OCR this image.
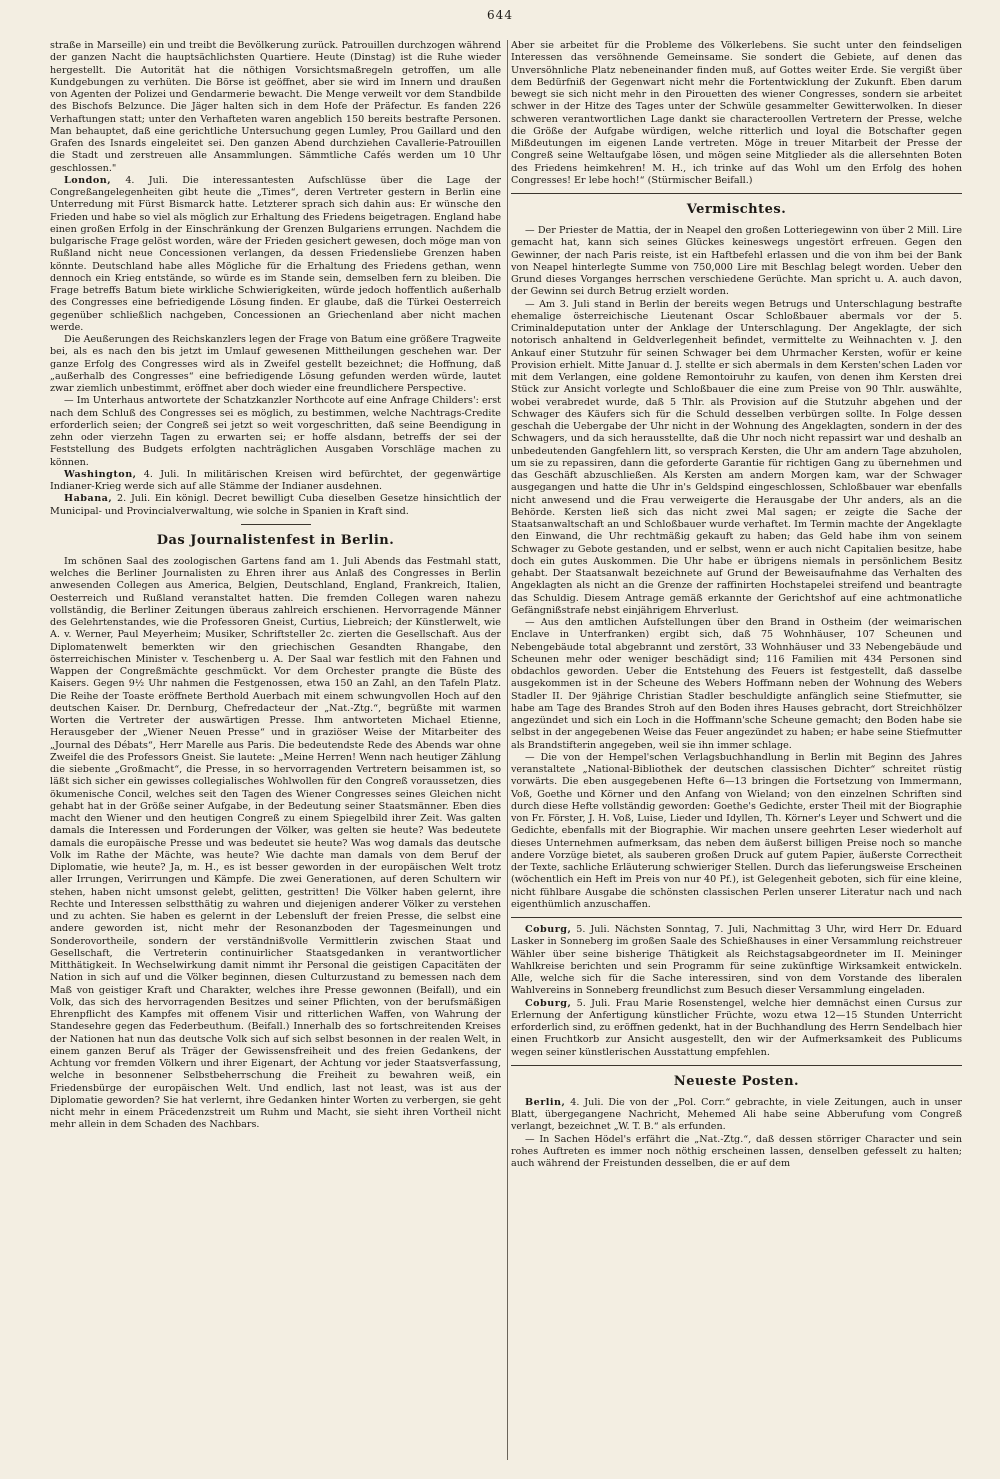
644

straße in Marseille) ein und treibt die Bevölkerung zurück. Patrouillen durchzogen während der ganzen Nacht die hauptsächlichsten Quartiere. Heute (Dinstag) ist die Ruhe wieder hergestellt. Die Autorität hat die nöthigen Vorsichtsmaßregeln getroffen, um alle Kundgebungen zu verhüten. Die Börse ist geöffnet, aber sie wird im Innern und draußen von Agenten der Polizei und Gendarmerie bewacht. Die Menge verweilt vor dem Standbilde des Bischofs Belzunce. Die Jäger halten sich in dem Hofe der Präfectur. Es fanden 226 Verhaftungen statt; unter den Verhafteten waren angeblich 150 bereits bestrafte Personen. Man behauptet, daß eine gerichtliche Untersuchung gegen Lumley, Prou Gaillard und den Grafen des Isnards eingeleitet sei. Den ganzen Abend durchziehen Cavallerie-Patrouillen die Stadt und zerstreuen alle Ansammlungen. Sämmtliche Cafés werden um 10 Uhr geschlossen."

London, 4. Juli. Die interessantesten Aufschlüsse über die Lage der Congreßangelegenheiten gibt heute die „Times“, deren Vertreter gestern in Berlin eine Unterredung mit Fürst Bismarck hatte. Letzterer sprach sich dahin aus: Er wünsche den Frieden und habe so viel als möglich zur Erhaltung des Friedens beigetragen. England habe einen großen Erfolg in der Einschränkung der Grenzen Bulgariens errungen. Nachdem die bulgarische Frage gelöst worden, wäre der Frieden gesichert gewesen, doch möge man von Rußland nicht neue Concessionen verlangen, da dessen Friedensliebe Grenzen haben könnte. Deutschland habe alles Mögliche für die Erhaltung des Friedens gethan, wenn dennoch ein Krieg entstände, so würde es im Stande sein, demselben fern zu bleiben. Die Frage betreffs Batum biete wirkliche Schwierigkeiten, würde jedoch hoffentlich außerhalb des Congresses eine befriedigende Lösung finden. Er glaube, daß die Türkei Oesterreich gegenüber schließlich nachgeben, Concessionen an Griechenland aber nicht machen werde.

Die Aeußerungen des Reichskanzlers legen der Frage von Batum eine größere Tragweite bei, als es nach den bis jetzt im Umlauf gewesenen Mittheilungen geschehen war. Der ganze Erfolg des Congresses wird als in Zweifel gestellt bezeichnet; die Hoffnung, daß „außerhalb des Congresses“ eine befriedigende Lösung gefunden werden würde, lautet zwar ziemlich unbestimmt, eröffnet aber doch wieder eine freundlichere Perspective.

— Im Unterhaus antwortete der Schatzkanzler Northcote auf eine Anfrage Childers': erst nach dem Schluß des Congresses sei es möglich, zu bestimmen, welche Nachtrags-Credite erforderlich seien; der Congreß sei jetzt so weit vorgeschritten, daß seine Beendigung in zehn oder vierzehn Tagen zu erwarten sei; er hoffe alsdann, betreffs der sei der Feststellung des Budgets erfolgten nachträglichen Ausgaben Vorschläge machen zu können.

Washington, 4. Juli. In militärischen Kreisen wird befürchtet, der gegenwärtige Indianer-Krieg werde sich auf alle Stämme der Indianer ausdehnen.

Habana, 2. Juli. Ein königl. Decret bewilligt Cuba dieselben Gesetze hinsichtlich der Municipal- und Provincialverwaltung, wie solche in Spanien in Kraft sind.

Das Journalistenfest in Berlin.

Im schönen Saal des zoologischen Gartens fand am 1. Juli Abends das Festmahl statt, welches die Berliner Journalisten zu Ehren ihrer aus Anlaß des Congresses in Berlin anwesenden Collegen aus America, Belgien, Deutschland, England, Frankreich, Italien, Oesterreich und Rußland veranstaltet hatten. Die fremden Collegen waren nahezu vollständig, die Berliner Zeitungen überaus zahlreich erschienen. Hervorragende Männer des Gelehrtenstandes, wie die Professoren Gneist, Curtius, Liebreich; der Künstlerwelt, wie A. v. Werner, Paul Meyerheim; Musiker, Schriftsteller 2c. zierten die Gesellschaft. Aus der Diplomatenwelt bemerkten wir den griechischen Gesandten Rhangabe, den österreichischen Minister v. Teschenberg u. A. Der Saal war festlich mit den Fahnen und Wappen der Congreßmächte geschmückt. Vor dem Orchester prangte die Büste des Kaisers. Gegen 9½ Uhr nahmen die Festgenossen, etwa 150 an Zahl, an den Tafeln Platz. Die Reihe der Toaste eröffnete Berthold Auerbach mit einem schwungvollen Hoch auf den deutschen Kaiser. Dr. Dernburg, Chefredacteur der „Nat.-Ztg.“, begrüßte mit warmen Worten die Vertreter der auswärtigen Presse. Ihm antworteten Michael Etienne, Herausgeber der „Wiener Neuen Presse“ und in graziöser Weise der Mitarbeiter des „Journal des Débats“, Herr Marelle aus Paris. Die bedeutendste Rede des Abends war ohne Zweifel die des Professors Gneist. Sie lautete: „Meine Herren! Wenn nach heutiger Zählung die siebente „Großmacht“, die Presse, in so hervorragenden Vertretern beisammen ist, so läßt sich sicher ein gewisses collegialisches Wohlwollen für den Congreß voraussetzen, dies ökumenische Concil, welches seit den Tagen des Wiener Congresses seines Gleichen nicht gehabt hat in der Größe seiner Aufgabe, in der Bedeutung seiner Staatsmänner. Eben dies macht den Wiener und den heutigen Congreß zu einem Spiegelbild ihrer Zeit. Was galten damals die Interessen und Forderungen der Völker, was gelten sie heute? Was bedeutete damals die europäische Presse und was bedeutet sie heute? Was wog damals das deutsche Volk im Rathe der Mächte, was heute? Wie dachte man damals von dem Beruf der Diplomatie, wie heute? Ja, m. H., es ist besser geworden in der europäischen Welt trotz aller Irrungen, Verirrungen und Kämpfe. Die zwei Generationen, auf deren Schultern wir stehen, haben nicht umsonst gelebt, gelitten, gestritten! Die Völker haben gelernt, ihre Rechte und Interessen selbstthätig zu wahren und diejenigen anderer Völker zu verstehen und zu achten. Sie haben es gelernt in der Lebensluft der freien Presse, die selbst eine andere geworden ist, nicht mehr der Resonanzboden der Tagesmeinungen und Sonderovortheile, sondern der verständnißvolle Vermittlerin zwischen Staat und Gesellschaft, die Vertreterin continuirlicher Staatsgedanken in verantwortlicher Mitthätigkeit. In Wechselwirkung damit nimmt ihr Personal die geistigen Capacitäten der Nation in sich auf und die Völker beginnen, diesen Culturzustand zu bemessen nach dem Maß von geistiger Kraft und Charakter, welches ihre Presse gewonnen (Beifall), und ein Volk, das sich des hervorragenden Besitzes und seiner Pflichten, von der berufsmäßigen Ehrenpflicht des Kampfes mit offenem Visir und ritterlichen Waffen, von Wahrung der Standesehre gegen das Federbeuthum. (Beifall.) Innerhalb des so fortschreitenden Kreises der Nationen hat nun das deutsche Volk sich auf sich selbst besonnen in der realen Welt, in einem ganzen Beruf als Träger der Gewissensfreiheit und des freien Gedankens, der Achtung vor fremden Völkern und ihrer Eigenart, der Achtung vor jeder Staatsverfassung, welche in besonnener Selbstbeherrschung die Freiheit zu bewahren weiß, ein Friedensbürge der europäischen Welt. Und endlich, last not least, was ist aus der Diplomatie geworden? Sie hat verlernt, ihre Gedanken hinter Worten zu verbergen, sie geht nicht mehr in einem Präcedenzstreit um Ruhm und Macht, sie sieht ihren Vortheil nicht mehr allein in dem Schaden des Nachbars.

Aber sie arbeitet für die Probleme des Völkerlebens. Sie sucht unter den feindseligen Interessen das versöhnende Gemeinsame. Sie sondert die Gebiete, auf denen das Unversöhnliche Platz nebeneinander finden muß, auf Gottes weiter Erde. Sie vergißt über dem Bedürfniß der Gegenwart nicht mehr die Fortentwicklung der Zukunft. Eben darum bewegt sie sich nicht mehr in den Pirouetten des wiener Congresses, sondern sie arbeitet schwer in der Hitze des Tages unter der Schwüle gesammelter Gewitterwolken. In dieser schweren verantwortlichen Lage dankt sie characteroollen Vertretern der Presse, welche die Größe der Aufgabe würdigen, welche ritterlich und loyal die Botschafter gegen Mißdeutungen im eigenen Lande vertreten. Möge in treuer Mitarbeit der Presse der Congreß seine Weltaufgabe lösen, und mögen seine Mitglieder als die allersehnten Boten des Friedens heimkehren! M. H., ich trinke auf das Wohl um den Erfolg des hohen Congresses! Er lebe hoch!“ (Stürmischer Beifall.)

Vermischtes.

— Der Priester de Mattia, der in Neapel den großen Lotteriegewinn von über 2 Mill. Lire gemacht hat, kann sich seines Glückes keineswegs ungestört erfreuen. Gegen den Gewinner, der nach Paris reiste, ist ein Haftbefehl erlassen und die von ihm bei der Bank von Neapel hinterlegte Summe von 750,000 Lire mit Beschlag belegt worden. Ueber den Grund dieses Vorganges herrschen verschiedene Gerüchte. Man spricht u. A. auch davon, der Gewinn sei durch Betrug erzielt worden.

— Am 3. Juli stand in Berlin der bereits wegen Betrugs und Unterschlagung bestrafte ehemalige österreichische Lieutenant Oscar Schloßbauer abermals vor der 5. Criminaldeputation unter der Anklage der Unterschlagung. Der Angeklagte, der sich notorisch anhaltend in Geldverlegenheit befindet, vermittelte zu Weihnachten v. J. den Ankauf einer Stutzuhr für seinen Schwager bei dem Uhrmacher Kersten, wofür er keine Provision erhielt. Mitte Januar d. J. stellte er sich abermals in dem Kersten'schen Laden vor mit dem Verlangen, eine goldene Remontoiruhr zu kaufen, von denen ihm Kersten drei Stück zur Ansicht vorlegte und Schloßbauer die eine zum Preise von 90 Thlr. auswählte, wobei verabredet wurde, daß 5 Thlr. als Provision auf die Stutzuhr abgehen und der Schwager des Käufers sich für die Schuld desselben verbürgen sollte. In Folge dessen geschah die Uebergabe der Uhr nicht in der Wohnung des Angeklagten, sondern in der des Schwagers, und da sich herausstellte, daß die Uhr noch nicht repassirt war und deshalb an unbedeutenden Gangfehlern litt, so versprach Kersten, die Uhr am andern Tage abzuholen, um sie zu repassiren, dann die geforderte Garantie für richtigen Gang zu übernehmen und das Geschäft abzuschließen. Als Kersten am andern Morgen kam, war der Schwager ausgegangen und hatte die Uhr in's Geldspind eingeschlossen, Schloßbauer war ebenfalls nicht anwesend und die Frau verweigerte die Herausgabe der Uhr anders, als an die Behörde. Kersten ließ sich das nicht zwei Mal sagen; er zeigte die Sache der Staatsanwaltschaft an und Schloßbauer wurde verhaftet. Im Termin machte der Angeklagte den Einwand, die Uhr rechtmäßig gekauft zu haben; das Geld habe ihm von seinem Schwager zu Gebote gestanden, und er selbst, wenn er auch nicht Capitalien besitze, habe doch ein gutes Auskommen. Die Uhr habe er übrigens niemals in persönlichem Besitz gehabt. Der Staatsanwalt bezeichnete auf Grund der Beweisaufnahme das Verhalten des Angeklagten als nicht an die Grenze der raffinirten Hochstapelei streifend und beantragte das Schuldig. Diesem Antrage gemäß erkannte der Gerichtshof auf eine achtmonatliche Gefängnißstrafe nebst einjährigem Ehrverlust.

— Aus den amtlichen Aufstellungen über den Brand in Ostheim (der weimarischen Enclave in Unterfranken) ergibt sich, daß 75 Wohnhäuser, 107 Scheunen und Nebengebäude total abgebrannt und zerstört, 33 Wohnhäuser und 33 Nebengebäude und Scheunen mehr oder weniger beschädigt sind; 116 Familien mit 434 Personen sind obdachlos geworden. Ueber die Entstehung des Feuers ist festgestellt, daß dasselbe ausgekommen ist in der Scheune des Webers Hoffmann neben der Wohnung des Webers Stadler II. Der 9jährige Christian Stadler beschuldigte anfänglich seine Stiefmutter, sie habe am Tage des Brandes Stroh auf den Boden ihres Hauses gebracht, dort Streichhölzer angezündet und sich ein Loch in die Hoffmann'sche Scheune gemacht; den Boden habe sie selbst in der angegebenen Weise das Feuer angezündet zu haben; er habe seine Stiefmutter als Brandstifterin angegeben, weil sie ihn immer schlage.

— Die von der Hempel'schen Verlagsbuchhandlung in Berlin mit Beginn des Jahres veranstaltete „National-Bibliothek der deutschen classischen Dichter“ schreitet rüstig vorwärts. Die eben ausgegebenen Hefte 6—13 bringen die Fortsetzung von Immermann, Voß, Goethe und Körner und den Anfang von Wieland; von den einzelnen Schriften sind durch diese Hefte vollständig geworden: Goethe's Gedichte, erster Theil mit der Biographie von Fr. Förster, J. H. Voß, Luise, Lieder und Idyllen, Th. Körner's Leyer und Schwert und die Gedichte, ebenfalls mit der Biographie. Wir machen unsere geehrten Leser wiederholt auf dieses Unternehmen aufmerksam, das neben dem äußerst billigen Preise noch so manche andere Vorzüge bietet, als sauberen großen Druck auf gutem Papier, äußerste Correctheit der Texte, sachliche Erläuterung schwieriger Stellen. Durch das lieferungsweise Erscheinen (wöchentlich ein Heft im Preis von nur 40 Pf.), ist Gelegenheit geboten, sich für eine kleine, nicht fühlbare Ausgabe die schönsten classischen Perlen unserer Literatur nach und nach eigenthümlich anzuschaffen.

Coburg, 5. Juli. Nächsten Sonntag, 7. Juli, Nachmittag 3 Uhr, wird Herr Dr. Eduard Lasker in Sonneberg im großen Saale des Schießhauses in einer Versammlung reichstreuer Wähler über seine bisherige Thätigkeit als Reichstagsabgeordneter im II. Meininger Wahlkreise berichten und sein Programm für seine zukünftige Wirksamkeit entwickeln. Alle, welche sich für die Sache interessiren, sind von dem Vorstande des liberalen Wahlvereins in Sonneberg freundlichst zum Besuch dieser Versammlung eingeladen.

Coburg, 5. Juli. Frau Marie Rosenstengel, welche hier demnächst einen Cursus zur Erlernung der Anfertigung künstlicher Früchte, wozu etwa 12—15 Stunden Unterricht erforderlich sind, zu eröffnen gedenkt, hat in der Buchhandlung des Herrn Sendelbach hier einen Fruchtkorb zur Ansicht ausgestellt, den wir der Aufmerksamkeit des Publicums wegen seiner künstlerischen Ausstattung empfehlen.

Neueste Posten.

Berlin, 4. Juli. Die von der „Pol. Corr.“ gebrachte, in viele Zeitungen, auch in unser Blatt, übergegangene Nachricht, Mehemed Ali habe seine Abberufung vom Congreß verlangt, bezeichnet „W. T. B.“ als erfunden.

— In Sachen Hödel's erfährt die „Nat.-Ztg.“, daß dessen störriger Character und sein rohes Auftreten es immer noch nöthig erscheinen lassen, denselben gefesselt zu halten; auch während der Freistunden desselben, die er auf dem
